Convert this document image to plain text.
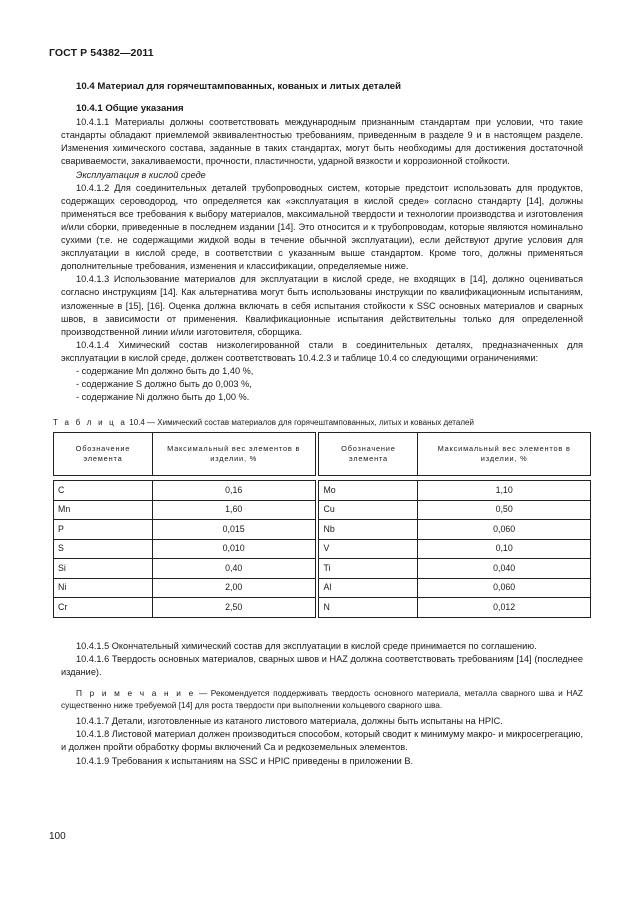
ГОСТ Р 54382—2011
10.4 Материал для горячештампованных, кованых и литых деталей
10.4.1 Общие указания

10.4.1.1 Материалы должны соответствовать международным признанным стандартам при условии, что такие стандарты обладают приемлемой эквивалентностью требованиям, приведенным в разделе 9 и в настоящем разделе. Изменения химического состава, заданные в таких стандартах, могут быть необходимы для достижения достаточной свариваемости, закаливаемости, прочности, пластичности, ударной вязкости и коррозионной стойкости.

Эксплуатация в кислой среде

10.4.1.2 Для соединительных деталей трубопроводных систем, которые предстоит использовать для продуктов, содержащих сероводород, что определяется как «эксплуатация в кислой среде» согласно стандарту [14], должны применяться все требования к выбору материалов, максимальной твердости и технологии производства и изготовления и/или сборки, приведенные в последнем издании [14]. Это относится и к трубопроводам, которые являются номинально сухими (т.е. не содержащими жидкой воды в течение обычной эксплуатации), если действуют другие условия для эксплуатации в кислой среде, в соответствии с указанным выше стандартом. Кроме того, должны применяться дополнительные требования, изменения и классификации, определяемые ниже.

10.4.1.3 Использование материалов для эксплуатации в кислой среде, не входящих в [14], должно оцениваться согласно инструкциям [14]. Как альтернатива могут быть использованы инструкции по квалификационным испытаниям, изложенные в [15], [16]. Оценка должна включать в себя испытания стойкости к SSC основных материалов и сварных швов, в зависимости от применения. Квалификационные испытания действительны только для определенной производственной линии и/или изготовителя, сборщика.

10.4.1.4 Химический состав низколегированной стали в соединительных деталях, предназначенных для эксплуатации в кислой среде, должен соответствовать 10.4.2.3 и таблице 10.4 со следующими ограничениями:

- содержание Mn должно быть до 1,40 %,
- содержание S должно быть до 0,003 %,
- содержание Ni должно быть до 1,00 %.
Т а б л и ц а 10.4 — Химический состав материалов для горячештампованных, литых и кованых деталей
Обозначение элемента	Максимальный вес элементов в изделии, %		Обозначение элемента	Максимальный вес элементов в изделии, %

C	0,16		Mo	1,10
Mn	1,60		Cu	0,50
P	0,015		Nb	0,060
S	0,010		V	0,10
Si	0,40		Ti	0,040
Ni	2,00		Al	0,060
Cr	2,50		N	0,012

10.4.1.5 Окончательный химический состав для эксплуатации в кислой среде принимается по соглашению.

10.4.1.6 Твердость основных материалов, сварных швов и HAZ должна соответствовать требованиям [14] (последнее издание).

П р и м е ч а н и е — Рекомендуется поддерживать твердость основного материала, металла сварного шва и HAZ существенно ниже требуемой [14] для роста твердости при выполнении кольцевого сварного шва.

10.4.1.7 Детали, изготовленные из катаного листового материала, должны быть испытаны на HPIC.

10.4.1.8 Листовой материал должен производиться способом, который сводит к минимуму макро- и микросегрегацию, и должен пройти обработку формы включений Ca и редкоземельных элементов.

10.4.1.9 Требования к испытаниям на SSC и HPIC приведены в приложении В.

100
